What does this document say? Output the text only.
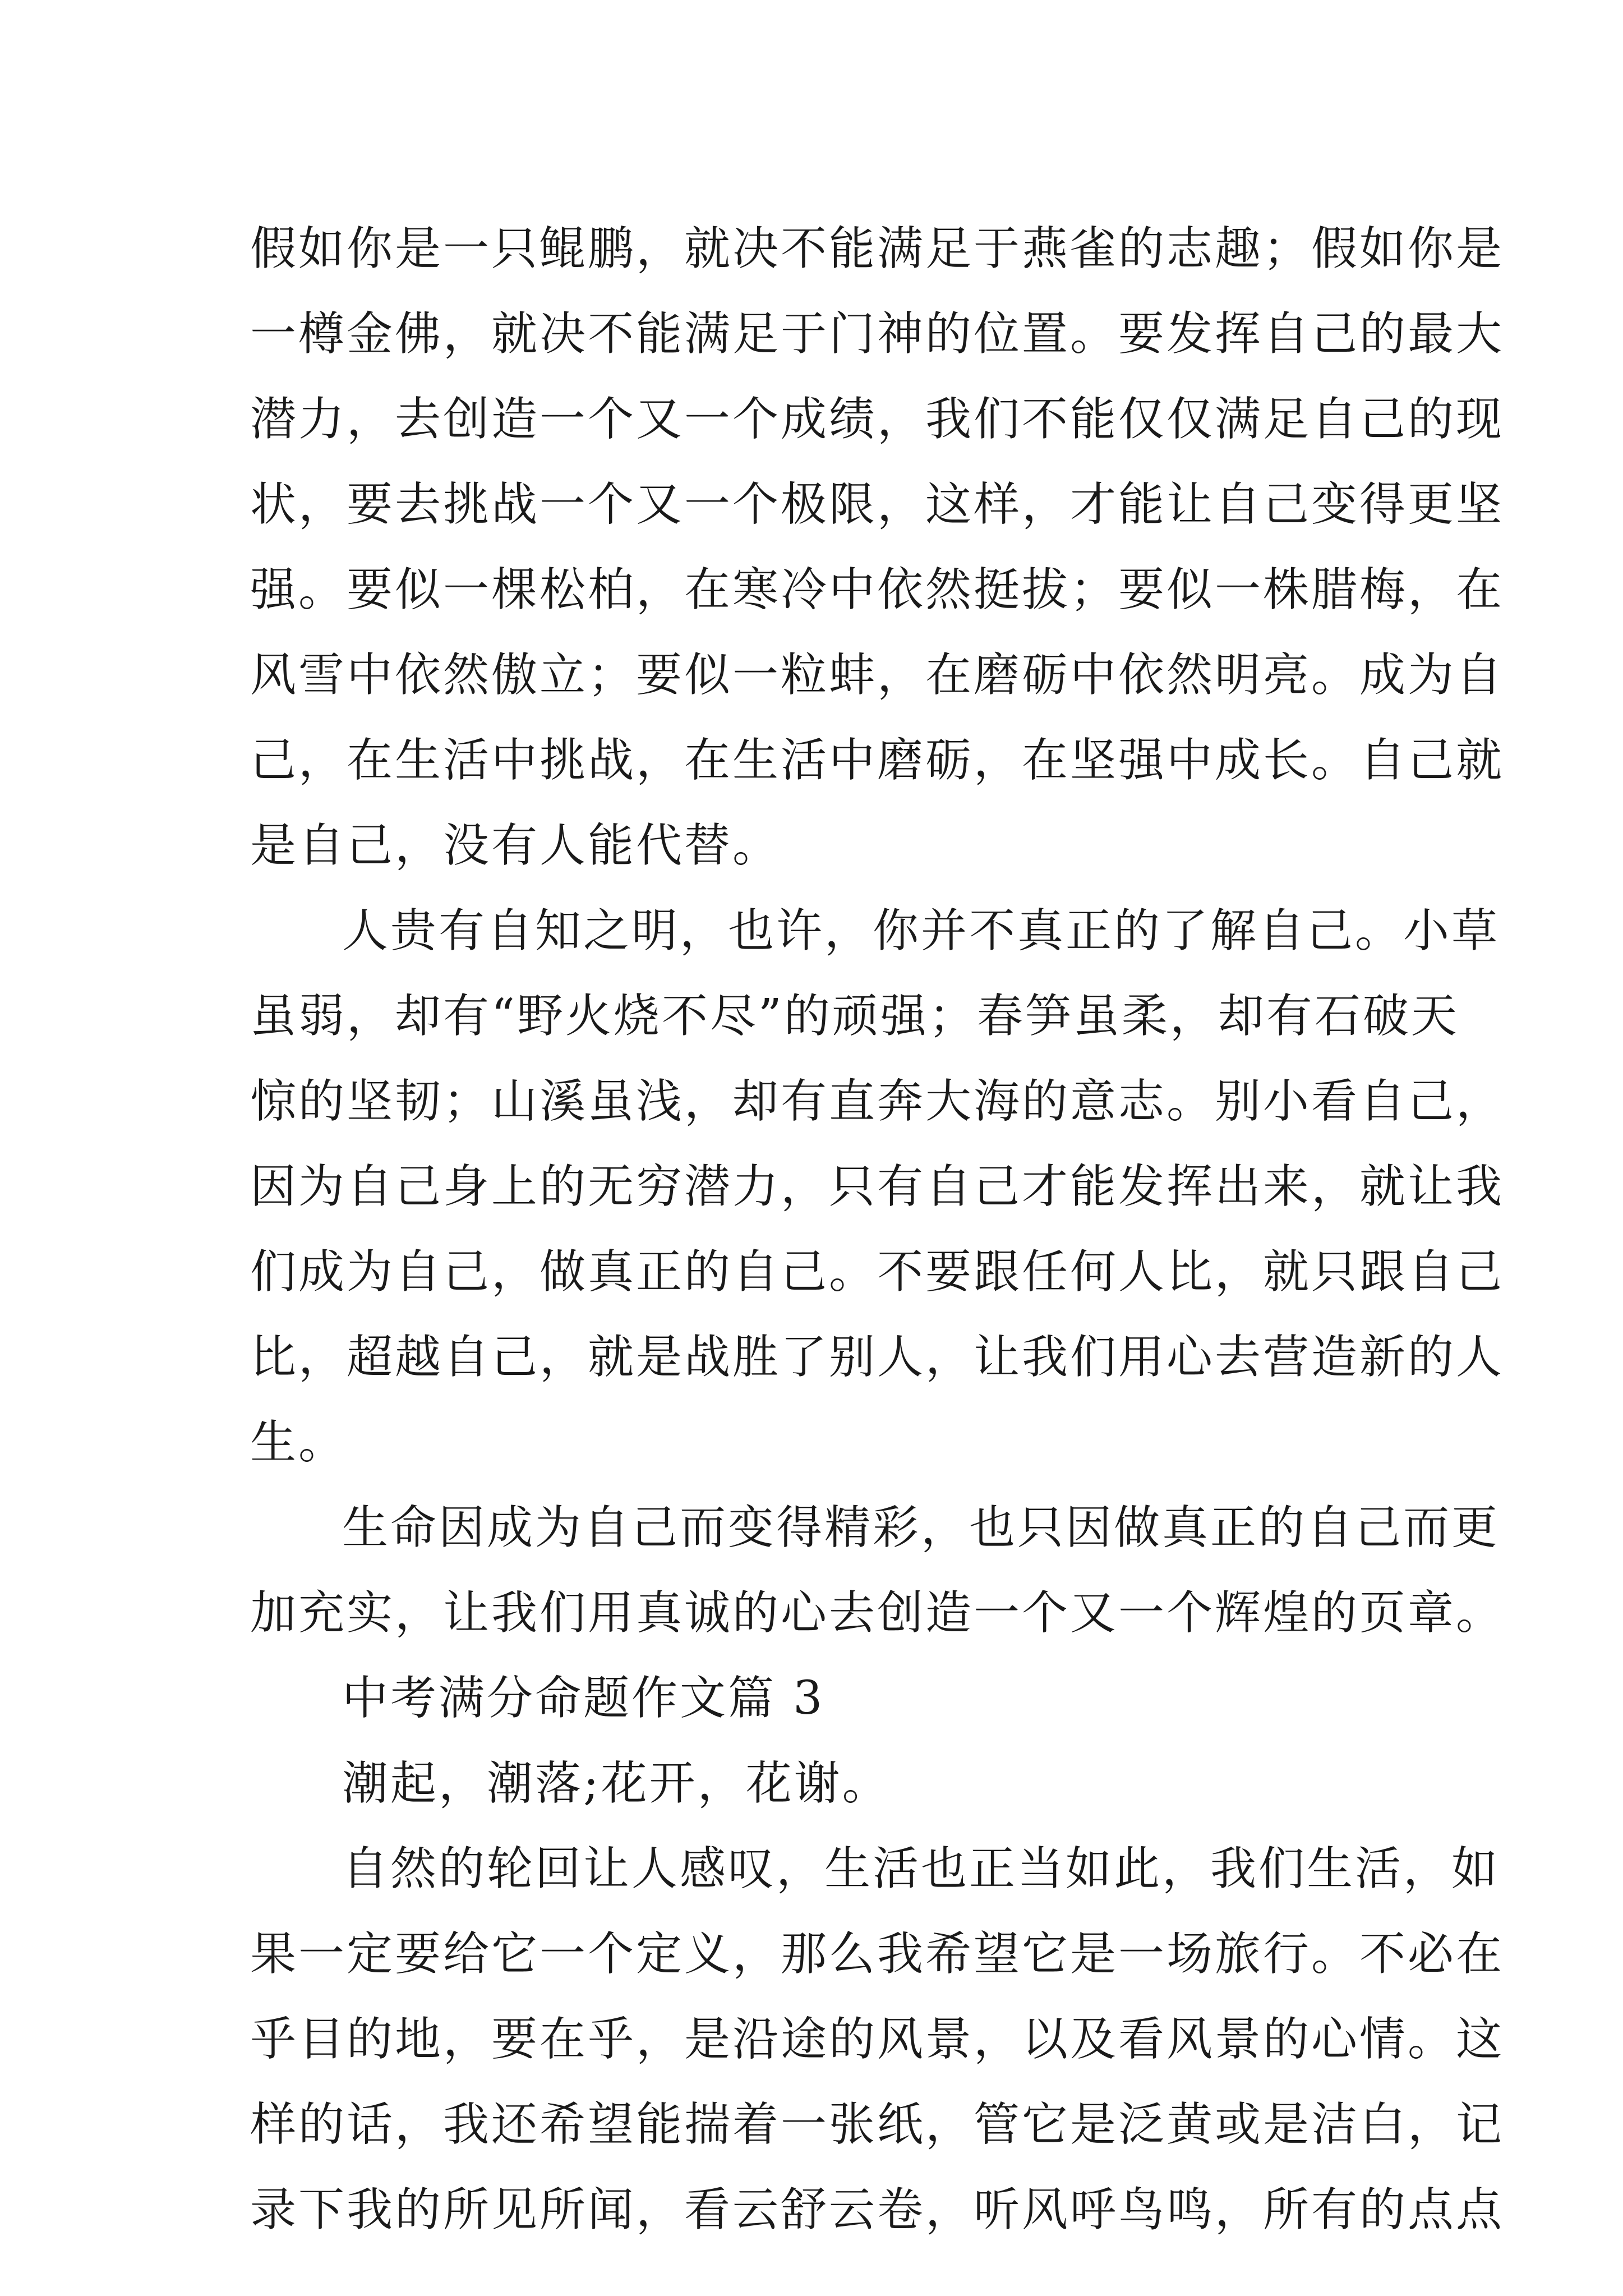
假如你是一只鲲鹏，就决不能满足于燕雀的志趣；假如你是
一樽金佛，就决不能满足于门神的位置。要发挥自己的最大
潜力，去创造一个又一个成绩，我们不能仅仅满足自己的现
状，要去挑战一个又一个极限，这样，才能让自己变得更坚
强。要似一棵松柏，在寒冷中依然挺拔；要似一株腊梅，在
风雪中依然傲立；要似一粒蚌，在磨砺中依然明亮。成为自
己，在生活中挑战，在生活中磨砺，在坚强中成长。自己就
是自己，没有人能代替。
人贵有自知之明，也许，你并不真正的了解自己。小草
虽弱，却有“野火烧不尽”的顽强；春笋虽柔，却有石破天
惊的坚韧；山溪虽浅，却有直奔大海的意志。别小看自己，
因为自己身上的无穷潜力，只有自己才能发挥出来，就让我
们成为自己，做真正的自己。不要跟任何人比，就只跟自己
比，超越自己，就是战胜了别人，让我们用心去营造新的人
生。
生命因成为自己而变得精彩，也只因做真正的自己而更
加充实，让我们用真诚的心去创造一个又一个辉煌的页章。
中考满分命题作文篇 3
潮起，潮落;花开，花谢。
自然的轮回让人感叹，生活也正当如此，我们生活，如
果一定要给它一个定义，那么我希望它是一场旅行。不必在
乎目的地，要在乎，是沿途的风景，以及看风景的心情。这
样的话，我还希望能揣着一张纸，管它是泛黄或是洁白，记
录下我的所见所闻，看云舒云卷，听风呼鸟鸣，所有的点点
